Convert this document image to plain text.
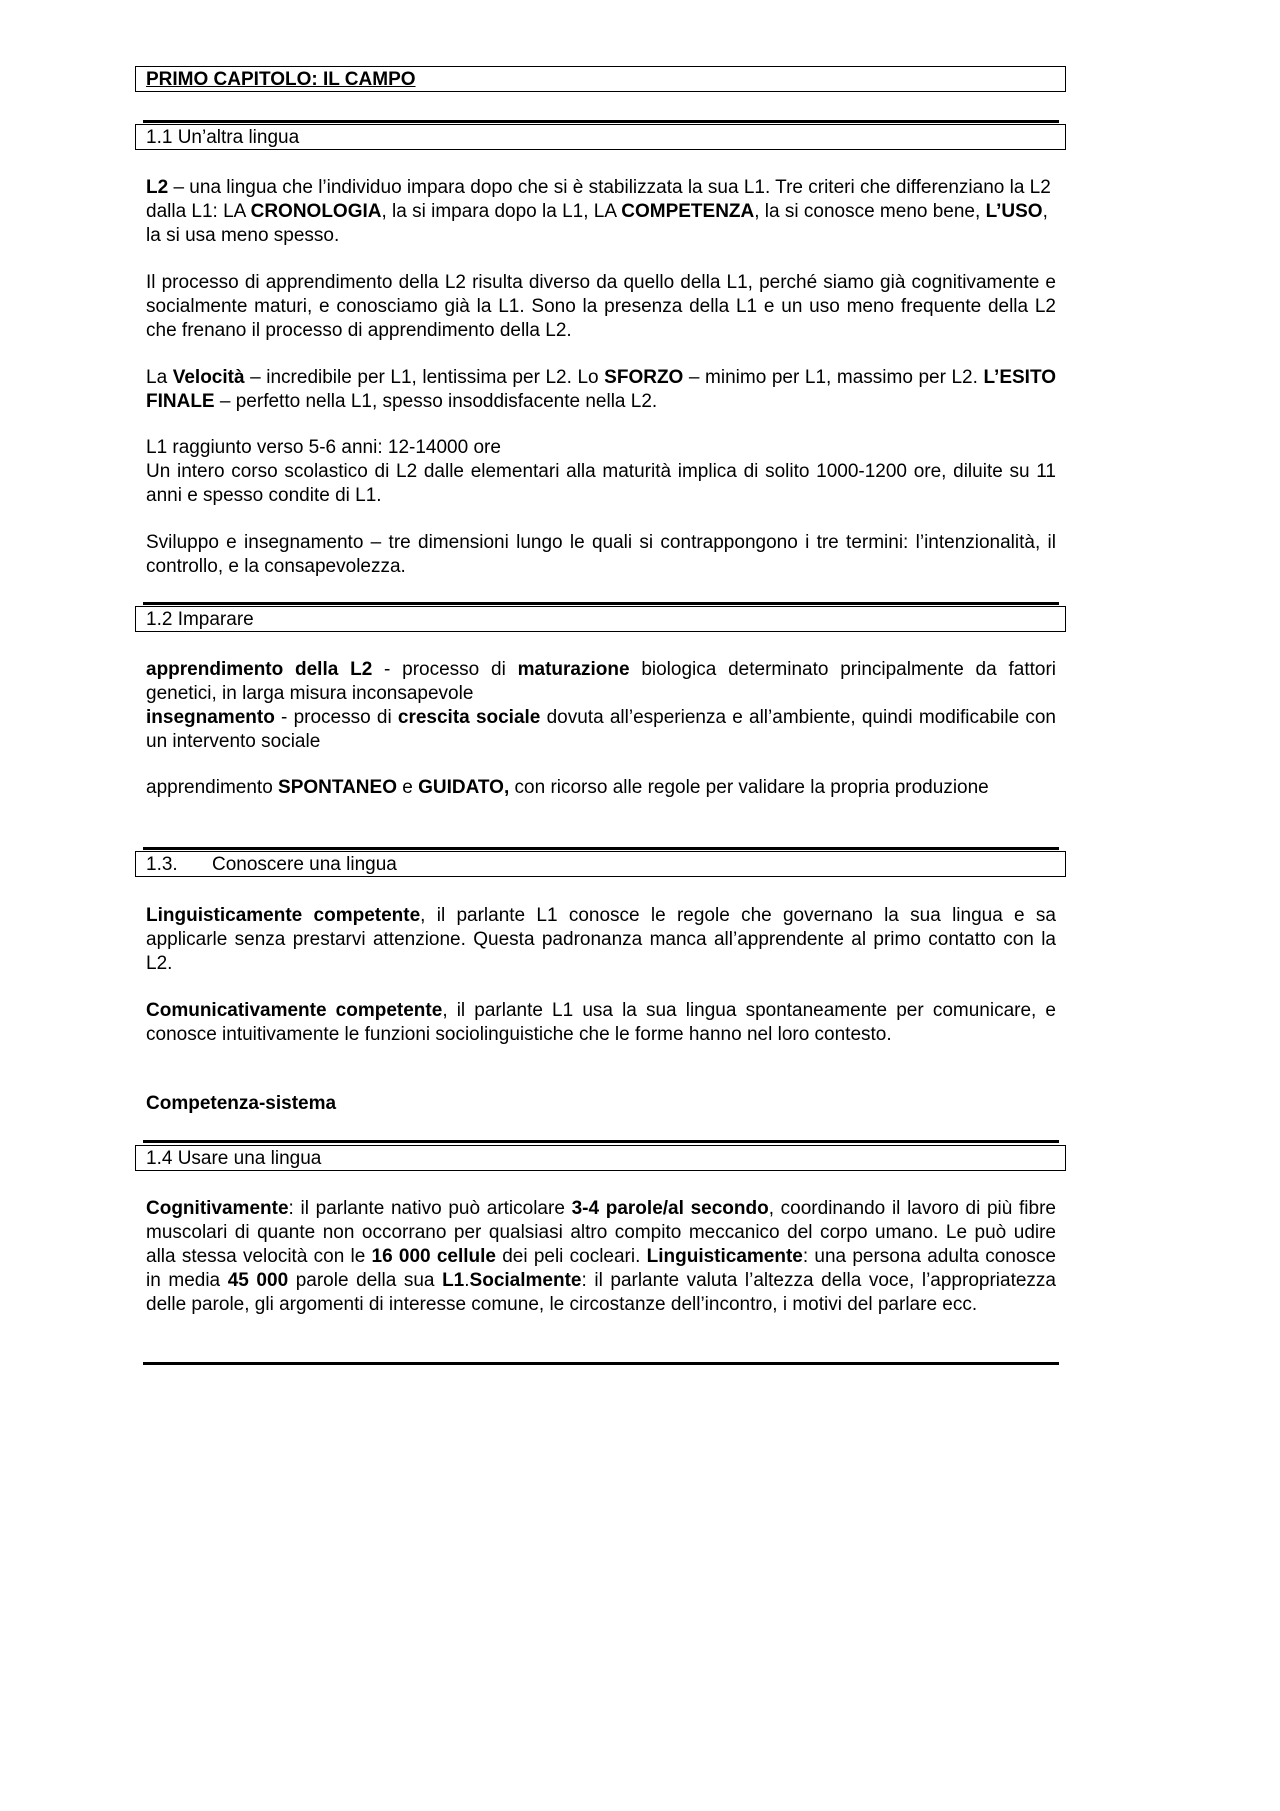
PRIMO CAPITOLO: IL CAMPO
1.1 Un’altra lingua
L2 – una lingua che l’individuo impara dopo che si è stabilizzata la sua L1. Tre criteri che differenziano la L2 dalla L1: LA CRONOLOGIA, la si impara dopo la L1, LA COMPETENZA, la si conosce meno bene, L’USO, la si usa meno spesso.
Il processo di apprendimento della L2 risulta diverso da quello della L1, perché siamo già cognitivamente e socialmente maturi, e conosciamo già la L1. Sono la presenza della L1 e un uso meno frequente della L2 che frenano il processo di apprendimento della L2.
La Velocità – incredibile per L1, lentissima per L2. Lo SFORZO – minimo per L1, massimo per L2. L’ESITO FINALE – perfetto nella L1, spesso insoddisfacente nella L2.
L1 raggiunto verso 5-6 anni: 12-14000 ore
Un intero corso scolastico di L2 dalle elementari alla maturità implica di solito 1000-1200 ore, diluite su 11 anni e spesso condite di L1.
Sviluppo e insegnamento – tre dimensioni lungo le quali si contrappongono i tre termini: l’intenzionalità, il controllo, e la consapevolezza.
1.2 Imparare
apprendimento della L2 - processo di maturazione biologica determinato principalmente da fattori genetici, in larga misura inconsapevole
insegnamento - processo di crescita sociale dovuta all’esperienza e all’ambiente, quindi modificabile con un intervento sociale
apprendimento SPONTANEO e GUIDATO, con ricorso alle regole per validare la propria produzione
1.3. Conoscere una lingua
Linguisticamente competente, il parlante L1 conosce le regole che governano la sua lingua e sa applicarle senza prestarvi attenzione. Questa padronanza manca all’apprendente al primo contatto con la L2.
Comunicativamente competente, il parlante L1 usa la sua lingua spontaneamente per comunicare, e conosce intuitivamente le funzioni sociolinguistiche che le forme hanno nel loro contesto.
Competenza-sistema
1.4 Usare una lingua
Cognitivamente: il parlante nativo può articolare 3-4 parole/al secondo, coordinando il lavoro di più fibre muscolari di quante non occorrano per qualsiasi altro compito meccanico del corpo umano. Le può udire alla stessa velocità con le 16 000 cellule dei peli cocleari. Linguisticamente: una persona adulta conosce in media 45 000 parole della sua L1.Socialmente: il parlante valuta l’altezza della voce, l’appropriatezza delle parole, gli argomenti di interesse comune, le circostanze dell’incontro, i motivi del parlare ecc.
